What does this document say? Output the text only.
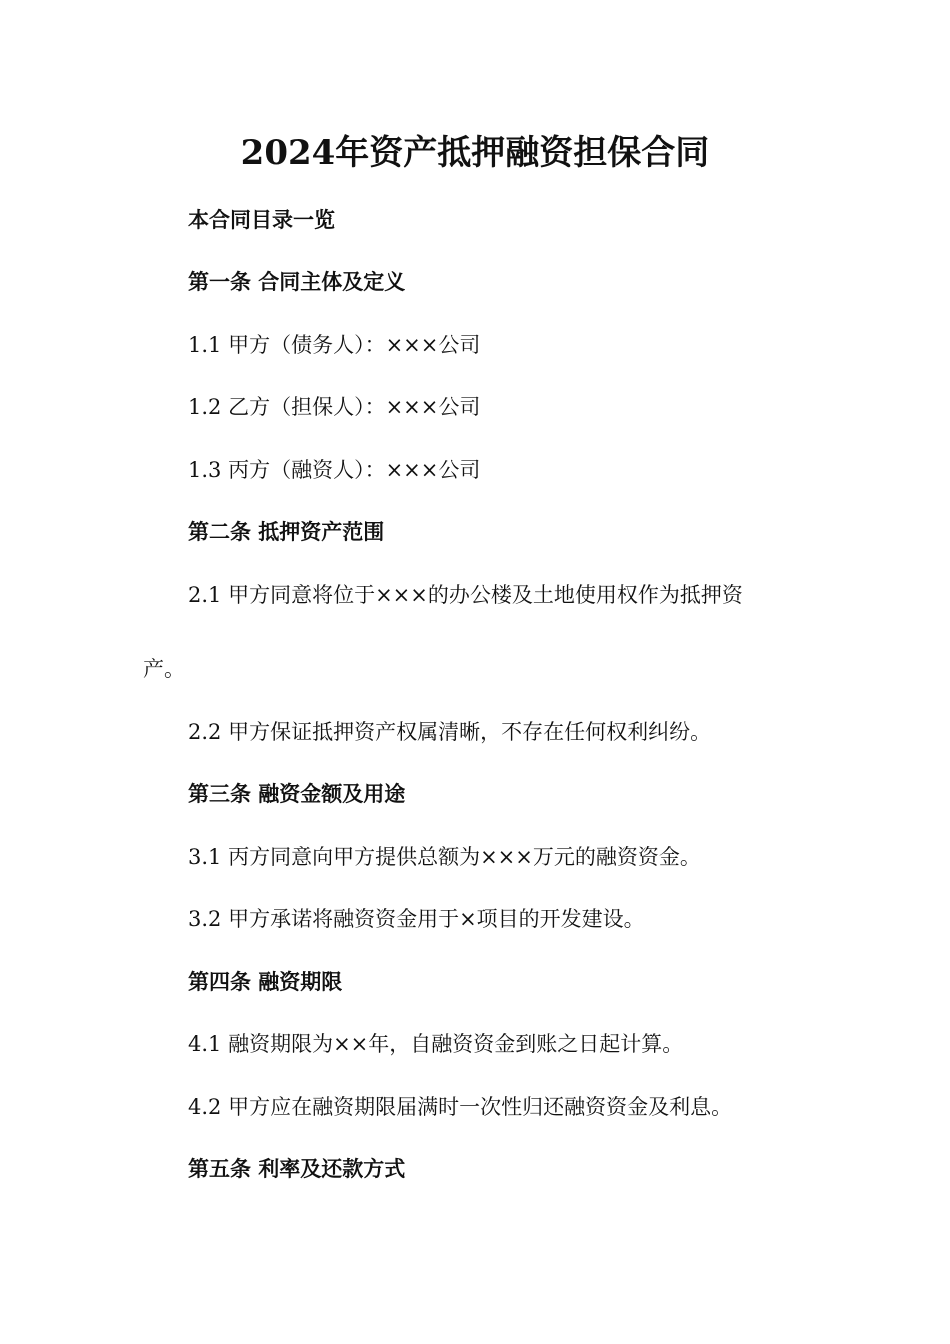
2024年资产抵押融资担保合同
本合同目录一览
第一条 合同主体及定义
1.1 甲方（债务人）：×××公司
1.2 乙方（担保人）：×××公司
1.3 丙方（融资人）：×××公司
第二条 抵押资产范围
2.1 甲方同意将位于×××的办公楼及土地使用权作为抵押资
产。
2.2 甲方保证抵押资产权属清晰，不存在任何权利纠纷。
第三条 融资金额及用途
3.1 丙方同意向甲方提供总额为×××万元的融资资金。
3.2 甲方承诺将融资资金用于×项目的开发建设。
第四条 融资期限
4.1 融资期限为××年，自融资资金到账之日起计算。
4.2 甲方应在融资期限届满时一次性归还融资资金及利息。
第五条 利率及还款方式
